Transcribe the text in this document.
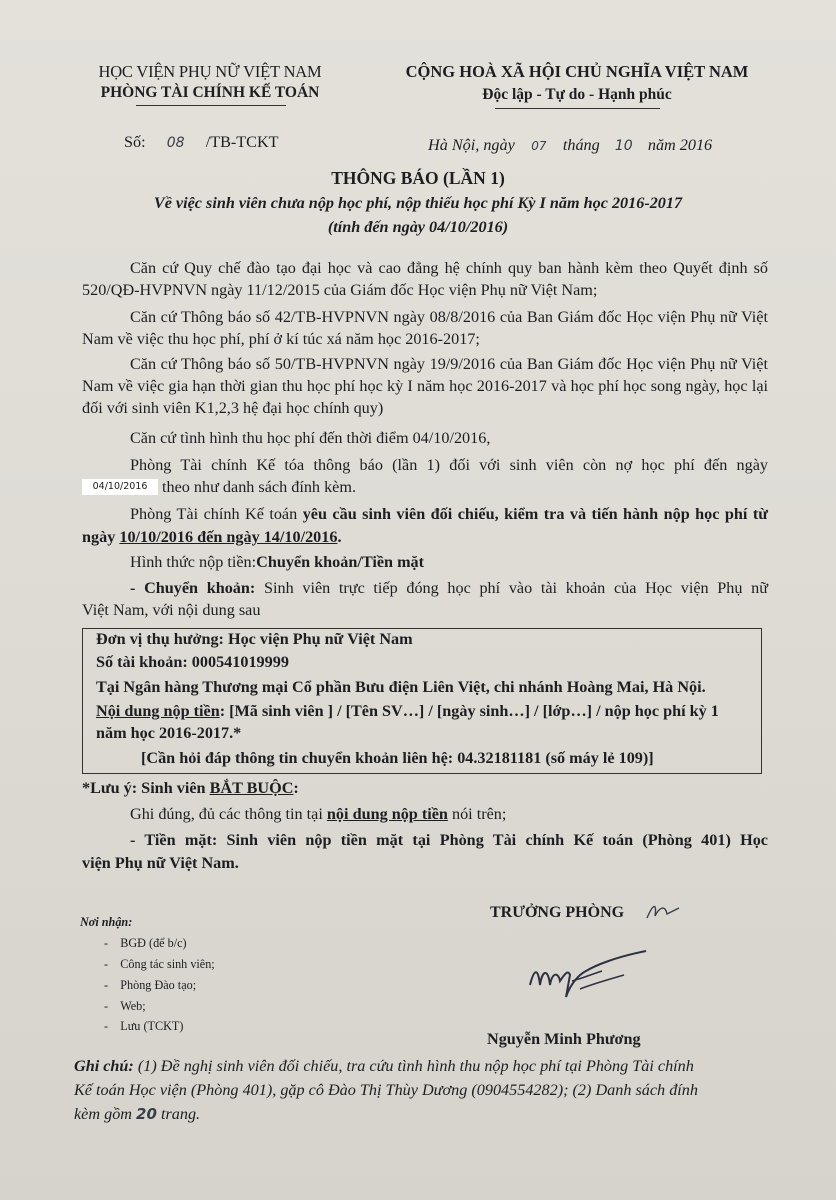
HỌC VIỆN PHỤ NỮ VIỆT NAM
PHÒNG TÀI CHÍNH KẾ TOÁN
CỘNG HOÀ XÃ HỘI CHỦ NGHĨA VIỆT NAM
Độc lập - Tự do - Hạnh phúc
Số: 08 /TB-TCKT	Hà Nội, ngày 07 tháng 10 năm 2016
THÔNG BÁO (LẦN 1)
Về việc sinh viên chưa nộp học phí, nộp thiếu học phí Kỳ I năm học 2016-2017
(tính đến ngày 04/10/2016)
Căn cứ Quy chế đào tạo đại học và cao đẳng hệ chính quy ban hành kèm theo Quyết định số 520/QĐ-HVPNVN ngày 11/12/2015 của Giám đốc Học viện Phụ nữ Việt Nam;
Căn cứ Thông báo số 42/TB-HVPNVN ngày 08/8/2016 của Ban Giám đốc Học viện Phụ nữ Việt Nam về việc thu học phí, phí ở kí túc xá năm học 2016-2017;
Căn cứ Thông báo số 50/TB-HVPNVN ngày 19/9/2016 của Ban Giám đốc Học viện Phụ nữ Việt Nam về việc gia hạn thời gian thu học phí học kỳ I năm học 2016-2017 và học phí học song ngày, học lại đối với sinh viên K1,2,3 hệ đại học chính quy)
Căn cứ tình hình thu học phí đến thời điểm 04/10/2016,
Phòng Tài chính Kế tóa thông báo (lần 1) đối với sinh viên còn nợ học phí đến ngày
04/10/2016 theo như danh sách đính kèm.
Phòng Tài chính Kế toán yêu cầu sinh viên đối chiếu, kiểm tra và tiến hành nộp học phí từ ngày 10/10/2016 đến ngày 14/10/2016.
Hình thức nộp tiền:Chuyển khoản/Tiền mặt
- Chuyển khoản: Sinh viên trực tiếp đóng học phí vào tài khoản của Học viện Phụ nữ
Việt Nam, với nội dung sau
Đơn vị thụ hưởng: Học viện Phụ nữ Việt Nam
Số tài khoản: 000541019999
Tại Ngân hàng Thương mại Cổ phần Bưu điện Liên Việt, chi nhánh Hoàng Mai, Hà Nội.
Nội dung nộp tiền: [Mã sinh viên ] / [Tên SV…] / [ngày sinh…] / [lớp…] / nộp học phí kỳ 1
năm học 2016-2017.*
[Cần hỏi đáp thông tin chuyển khoản liên hệ: 04.32181181 (số máy lẻ 109)]
*Lưu ý: Sinh viên BẮT BUỘC:
Ghi đúng, đủ các thông tin tại nội dung nộp tiền nói trên;
- Tiền mặt: Sinh viên nộp tiền mặt tại Phòng Tài chính Kế toán (Phòng 401) Học
viện Phụ nữ Việt Nam.
Nơi nhận:
-    BGĐ (để b/c)
-    Công tác sinh viên;
-    Phòng Đào tạo;
-    Web;
-    Lưu (TCKT)
TRƯỞNG PHÒNG
Nguyễn Minh Phương
Ghi chú: (1) Đề nghị sinh viên đối chiếu, tra cứu tình hình thu nộp học phí tại Phòng Tài chính
Kế toán Học viện (Phòng 401), gặp cô Đào Thị Thùy Dương (0904554282); (2) Danh sách đính
kèm gồm 20 trang.
